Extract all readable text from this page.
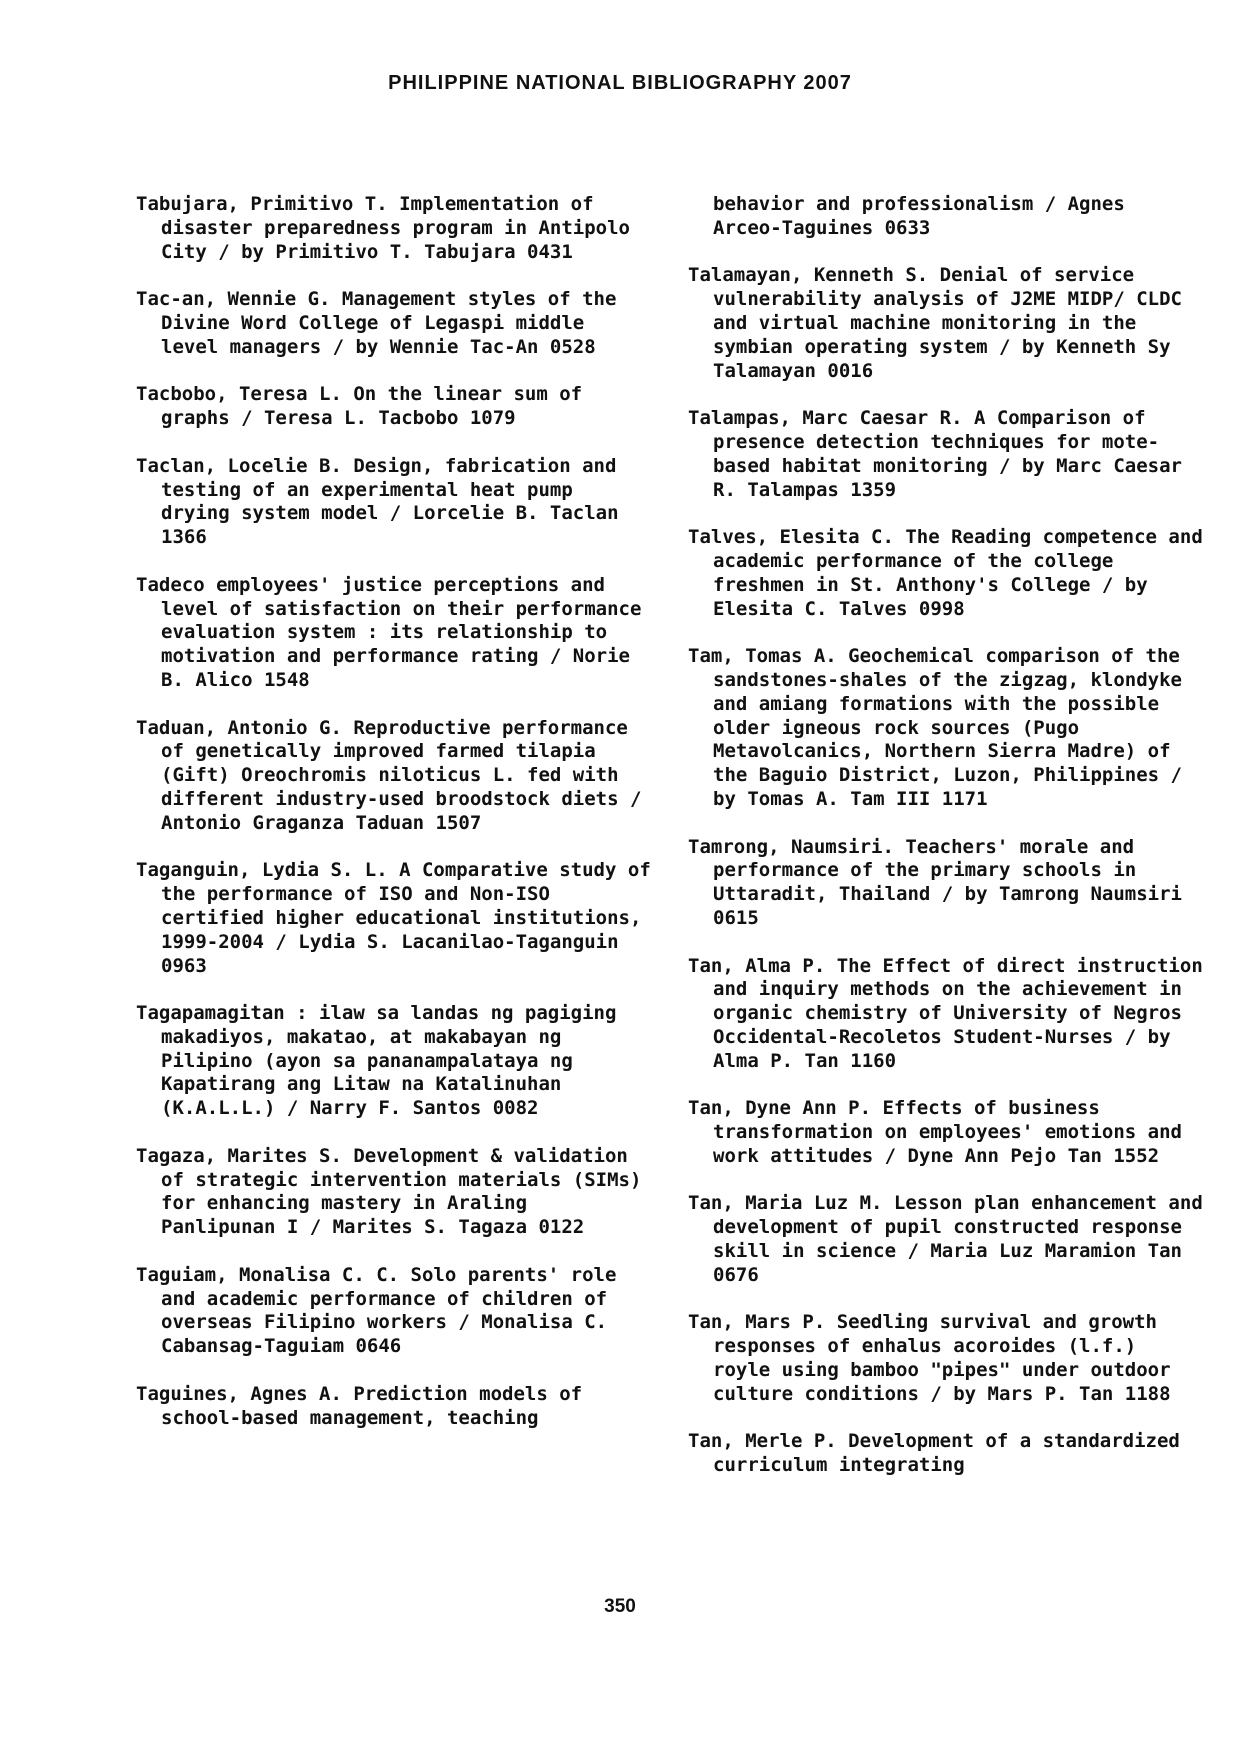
PHILIPPINE NATIONAL BIBLIOGRAPHY 2007
Tabujara, Primitivo T. Implementation of disaster preparedness program in Antipolo City / by Primitivo T. Tabujara 0431
Tac-an, Wennie G. Management styles of the Divine Word College of Legaspi middle level managers / by Wennie Tac-An 0528
Tacbobo, Teresa L. On the linear sum of graphs / Teresa L. Tacbobo 1079
Taclan, Locelie B. Design, fabrication and testing of an experimental heat pump drying system model / Lorcelie B. Taclan 1366
Tadeco employees' justice perceptions and level of satisfaction on their performance evaluation system : its relationship to motivation and performance rating / Norie B. Alico 1548
Taduan, Antonio G. Reproductive performance of genetically improved farmed tilapia (Gift) Oreochromis niloticus L. fed with different industry-used broodstock diets / Antonio Graganza Taduan 1507
Taganguin, Lydia S. L. A Comparative study of the performance of ISO and Non-ISO certified higher educational institutions, 1999-2004 / Lydia S. Lacanilao-Taganguin 0963
Tagapamagitan : ilaw sa landas ng pagiging makadiyos, makatao, at makabayan ng Pilipino (ayon sa pananampalataya ng Kapatirang ang Litaw na Katalinuhan (K.A.L.L.) / Narry F. Santos 0082
Tagaza, Marites S. Development & validation of strategic intervention materials (SIMs) for enhancing mastery in Araling Panlipunan I / Marites S. Tagaza 0122
Taguiam, Monalisa C. C. Solo parents' role and academic performance of children of overseas Filipino workers / Monalisa C. Cabansag-Taguiam 0646
Taguines, Agnes A. Prediction models of school-based management, teaching
behavior and professionalism / Agnes Arceo-Taguines 0633
Talamayan, Kenneth S. Denial of service vulnerability analysis of J2ME MIDP/ CLDC and virtual machine monitoring in the symbian operating system / by Kenneth Sy Talamayan 0016
Talampas, Marc Caesar R. A Comparison of presence detection techniques for mote-based habitat monitoring / by Marc Caesar R. Talampas 1359
Talves, Elesita C. The Reading competence and academic performance of the college freshmen in St. Anthony's College / by Elesita C. Talves 0998
Tam, Tomas A. Geochemical comparison of the sandstones-shales of the zigzag, klondyke and amiang formations with the possible older igneous rock sources (Pugo Metavolcanics, Northern Sierra Madre) of the Baguio District, Luzon, Philippines / by Tomas A. Tam III 1171
Tamrong, Naumsiri. Teachers' morale and performance of the primary schools in Uttaradit, Thailand / by Tamrong Naumsiri 0615
Tan, Alma P. The Effect of direct instruction and inquiry methods on the achievement in organic chemistry of University of Negros Occidental-Recoletos Student-Nurses / by Alma P. Tan 1160
Tan, Dyne Ann P. Effects of business transformation on employees' emotions and work attitudes / Dyne Ann Pejo Tan 1552
Tan, Maria Luz M. Lesson plan enhancement and development of pupil constructed response skill in science / Maria Luz Maramion Tan 0676
Tan, Mars P. Seedling survival and growth responses of enhalus acoroides (l.f.) royle using bamboo "pipes" under outdoor culture conditions / by Mars P. Tan 1188
Tan, Merle P. Development of a standardized curriculum integrating

350
